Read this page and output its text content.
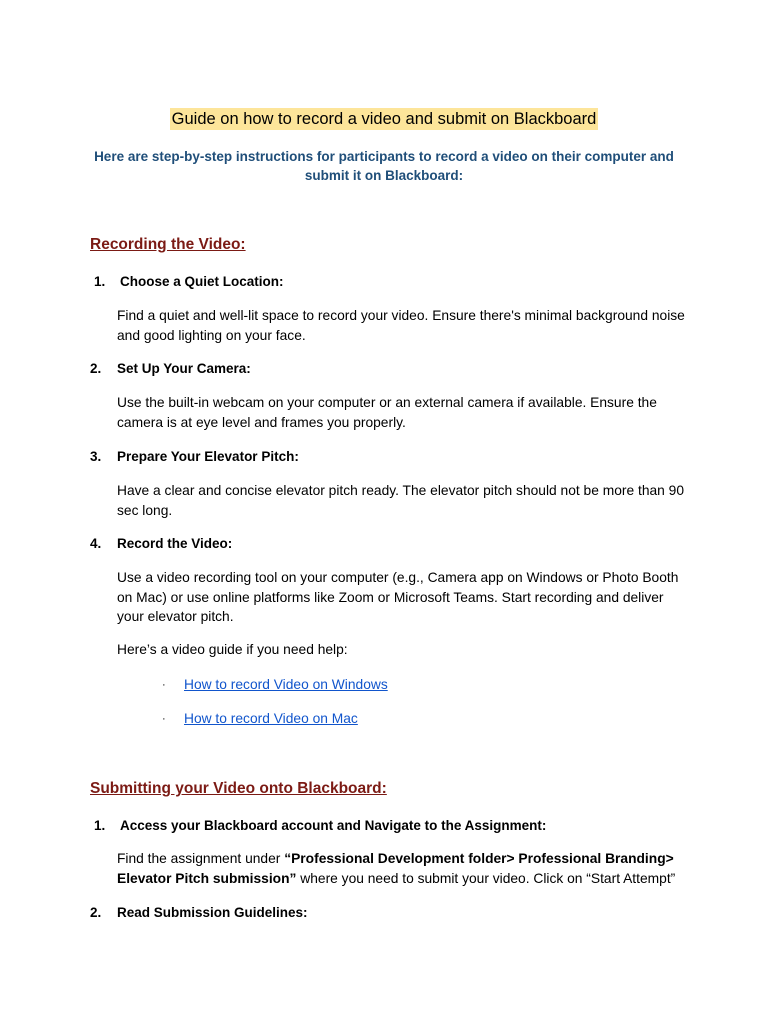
Guide on how to record a video and submit on Blackboard
Here are step-by-step instructions for participants to record a video on their computer and submit it on Blackboard:
Recording the Video:
1. Choose a Quiet Location:
Find a quiet and well-lit space to record your video. Ensure there's minimal background noise and good lighting on your face.
2. Set Up Your Camera:
Use the built-in webcam on your computer or an external camera if available. Ensure the camera is at eye level and frames you properly.
3. Prepare Your Elevator Pitch:
Have a clear and concise elevator pitch ready. The elevator pitch should not be more than 90 sec long.
4. Record the Video:
Use a video recording tool on your computer (e.g., Camera app on Windows or Photo Booth on Mac) or use online platforms like Zoom or Microsoft Teams. Start recording and deliver your elevator pitch.
Here’s a video guide if you need help:
· How to record Video on Windows
· How to record Video on Mac
Submitting your Video onto Blackboard:
1. Access your Blackboard account and Navigate to the Assignment:
Find the assignment under “Professional Development folder> Professional Branding> Elevator Pitch submission” where you need to submit your video. Click on “Start Attempt”
2. Read Submission Guidelines:
